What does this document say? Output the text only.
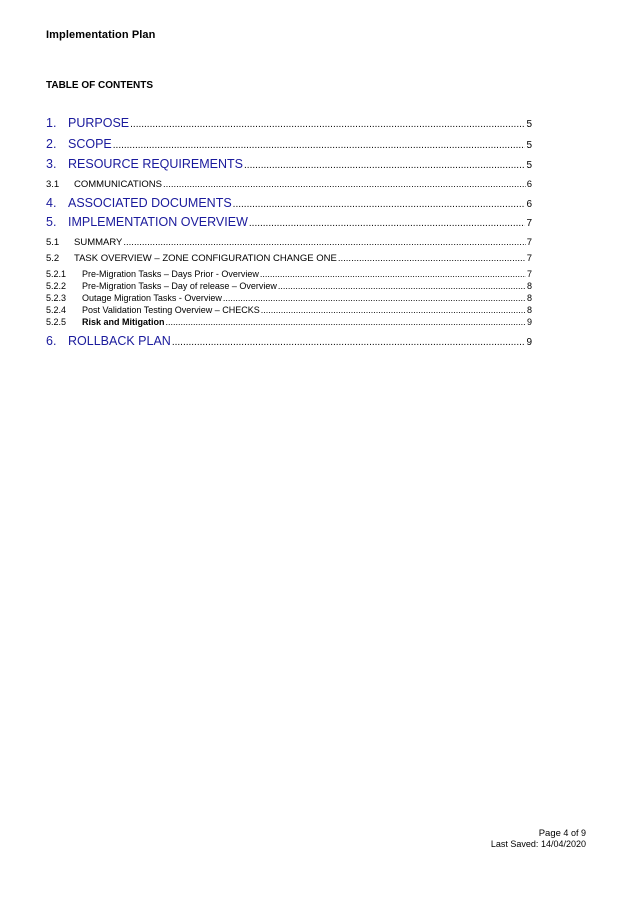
Implementation Plan
TABLE OF CONTENTS
1. PURPOSE .....	5
2. SCOPE .....	5
3. RESOURCE REQUIREMENTS .....	5
3.1	COMMUNICATIONS .....	6
4. ASSOCIATED DOCUMENTS .....	6
5. IMPLEMENTATION OVERVIEW .....	7
5.1	SUMMARY .....	7
5.2	TASK OVERVIEW – ZONE CONFIGURATION CHANGE ONE .....	7
5.2.1	Pre-Migration Tasks – Days Prior - Overview .....	7
5.2.2	Pre-Migration Tasks – Day of release – Overview .....	8
5.2.3	Outage Migration Tasks - Overview .....	8
5.2.4	Post Validation Testing Overview – CHECKS .....	8
5.2.5	Risk and Mitigation .....	9
6. ROLLBACK PLAN .....	9
Page 4 of 9
Last Saved: 14/04/2020
